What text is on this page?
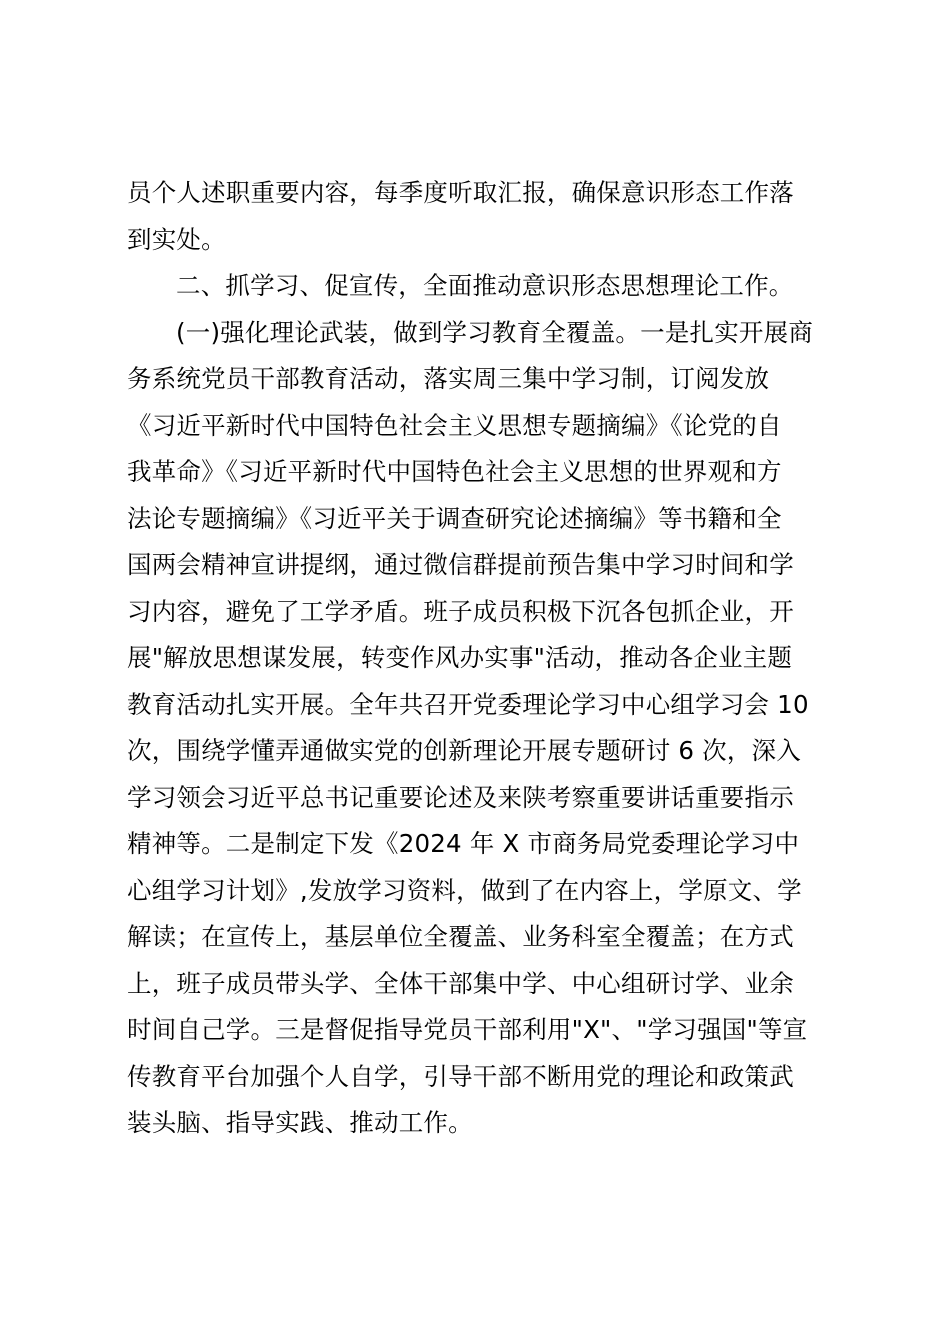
员个人述职重要内容，每季度听取汇报，确保意识形态工作落
到实处。
二、抓学习、促宣传，全面推动意识形态思想理论工作。
(一)强化理论武装，做到学习教育全覆盖。一是扎实开展商
务系统党员干部教育活动，落实周三集中学习制，订阅发放
《习近平新时代中国特色社会主义思想专题摘编》《论党的自
我革命》《习近平新时代中国特色社会主义思想的世界观和方
法论专题摘编》《习近平关于调查研究论述摘编》等书籍和全
国两会精神宣讲提纲，通过微信群提前预告集中学习时间和学
习内容，避免了工学矛盾。班子成员积极下沉各包抓企业，开
展"解放思想谋发展，转变作风办实事"活动，推动各企业主题
教育活动扎实开展。全年共召开党委理论学习中心组学习会 10
次，围绕学懂弄通做实党的创新理论开展专题研讨 6 次，深入
学习领会习近平总书记重要论述及来陕考察重要讲话重要指示
精神等。二是制定下发《2024 年 X 市商务局党委理论学习中
心组学习计划》,发放学习资料，做到了在内容上，学原文、学
解读；在宣传上，基层单位全覆盖、业务科室全覆盖；在方式
上，班子成员带头学、全体干部集中学、中心组研讨学、业余
时间自己学。三是督促指导党员干部利用"X"、"学习强国"等宣
传教育平台加强个人自学，引导干部不断用党的理论和政策武
装头脑、指导实践、推动工作。
